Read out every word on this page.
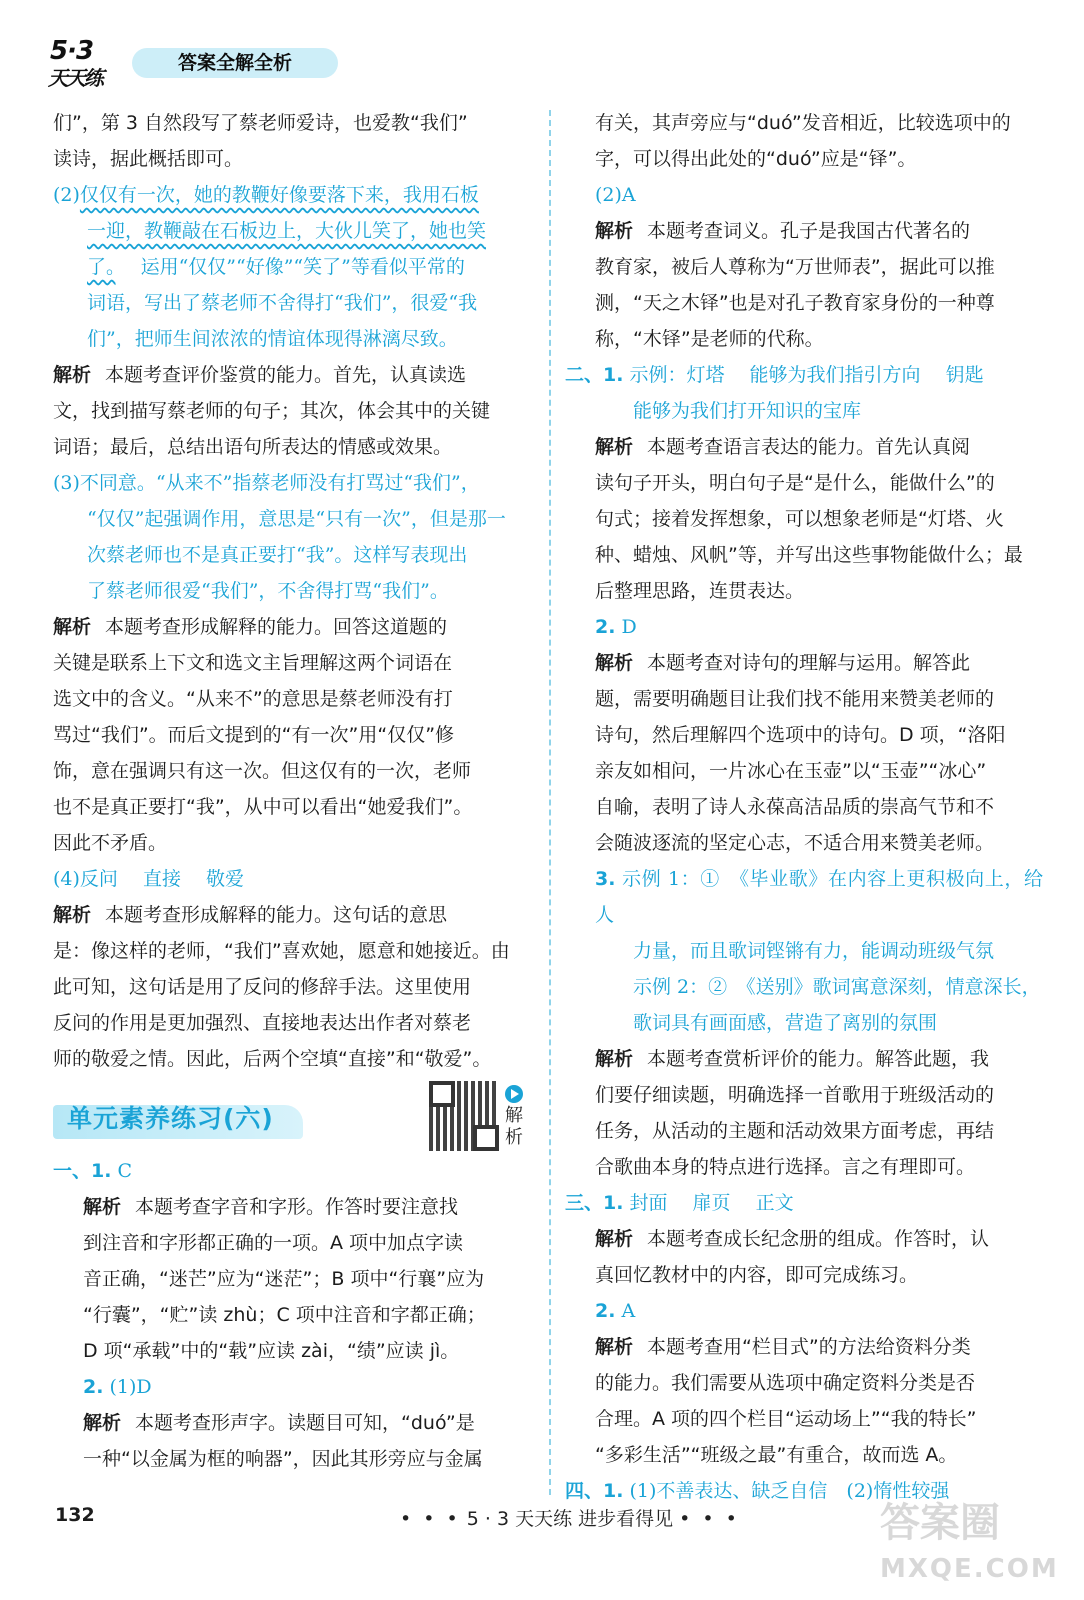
5·3
天天练
答案全解全析

们”，第 3 自然段写了蔡老师爱诗，也爱教“我们”

读诗，据此概括即可。

(2)仅仅有一次，她的教鞭好像要落下来，我用石板

一迎，教鞭敲在石板边上，大伙儿笑了，她也笑

了。　 运用“仅仅”“好像”“笑了”等看似平常的

词语，写出了蔡老师不舍得打“我们”，很爱“我

们”，把师生间浓浓的情谊体现得淋漓尽致。

解析 本题考查评价鉴赏的能力。首先，认真读选

文，找到描写蔡老师的句子；其次，体会其中的关键

词语；最后，总结出语句所表达的情感或效果。

(3)不同意。“从来不”指蔡老师没有打骂过“我们”，

“仅仅”起强调作用，意思是“只有一次”，但是那一

次蔡老师也不是真正要打“我”。这样写表现出

了蔡老师很爱“我们”，不舍得打骂“我们”。

解析 本题考查形成解释的能力。回答这道题的

关键是联系上下文和选文主旨理解这两个词语在

选文中的含义。“从来不”的意思是蔡老师没有打

骂过“我们”。而后文提到的“有一次”用“仅仅”修

饰，意在强调只有这一次。但这仅有的一次，老师

也不是真正要打“我”，从中可以看出“她爱我们”。

因此不矛盾。

(4)反问　 直接　 敬爱

解析 本题考查形成解释的能力。这句话的意思

是：像这样的老师，“我们”喜欢她，愿意和她接近。由

此可知，这句话是用了反问的修辞手法。这里使用

反问的作用是更加强烈、直接地表达出作者对蔡老

师的敬爱之情。因此，后两个空填“直接”和“敬爱”。

单元素养练习(六)	解析

一、1. C

解析 本题考查字音和字形。作答时要注意找

到注音和字形都正确的一项。A 项中加点字读

音正确，“迷芒”应为“迷茫”；B 项中“行襄”应为

“行囊”，“贮”读 zhù；C 项中注音和字都正确；

D 项“承载”中的“载”应读 zài，“绩”应读 jì。

2. (1)D

解析 本题考查形声字。读题目可知，“duó”是

一种“以金属为框的响器”，因此其形旁应与金属

有关，其声旁应与“duó”发音相近，比较选项中的

字，可以得出此处的“duó”应是“铎”。

(2)A

解析 本题考查词义。孔子是我国古代著名的

教育家，被后人尊称为“万世师表”，据此可以推

测，“天之木铎”也是对孔子教育家身份的一种尊

称，“木铎”是老师的代称。

二、1. 示例：灯塔　 能够为我们指引方向　 钥匙

能够为我们打开知识的宝库

解析 本题考查语言表达的能力。首先认真阅

读句子开头，明白句子是“是什么，能做什么”的

句式；接着发挥想象，可以想象老师是“灯塔、火

种、蜡烛、风帆”等，并写出这些事物能做什么；最

后整理思路，连贯表达。

2. D

解析 本题考查对诗句的理解与运用。解答此

题，需要明确题目让我们找不能用来赞美老师的

诗句，然后理解四个选项中的诗句。D 项，“洛阳

亲友如相问，一片冰心在玉壶”以“玉壶”“冰心”

自喻，表明了诗人永葆高洁品质的崇高气节和不

会随波逐流的坚定心志，不适合用来赞美老师。

3. 示例 1：①　《毕业歌》在内容上更积极向上，给人

力量，而且歌词铿锵有力，能调动班级气氛

示例 2：②　《送别》歌词寓意深刻，情意深长，

歌词具有画面感，营造了离别的氛围

解析 本题考查赏析评价的能力。解答此题，我

们要仔细读题，明确选择一首歌用于班级活动的

任务，从活动的主题和活动效果方面考虑，再结

合歌曲本身的特点进行选择。言之有理即可。

三、1. 封面　 扉页　 正文

解析 本题考查成长纪念册的组成。作答时，认

真回忆教材中的内容，即可完成练习。

2. A

解析 本题考查用“栏目式”的方法给资料分类

的能力。我们需要从选项中确定资料分类是否

合理。A 项的四个栏目“运动场上”“我的特长”

“多彩生活”“班级之最”有重合，故而选 A。

四、1. (1)不善表达、缺乏自信　(2)惰性较强

132	• • • 5 · 3 天天练 进步看得见 • • •	答案圈
MXQE.COM
